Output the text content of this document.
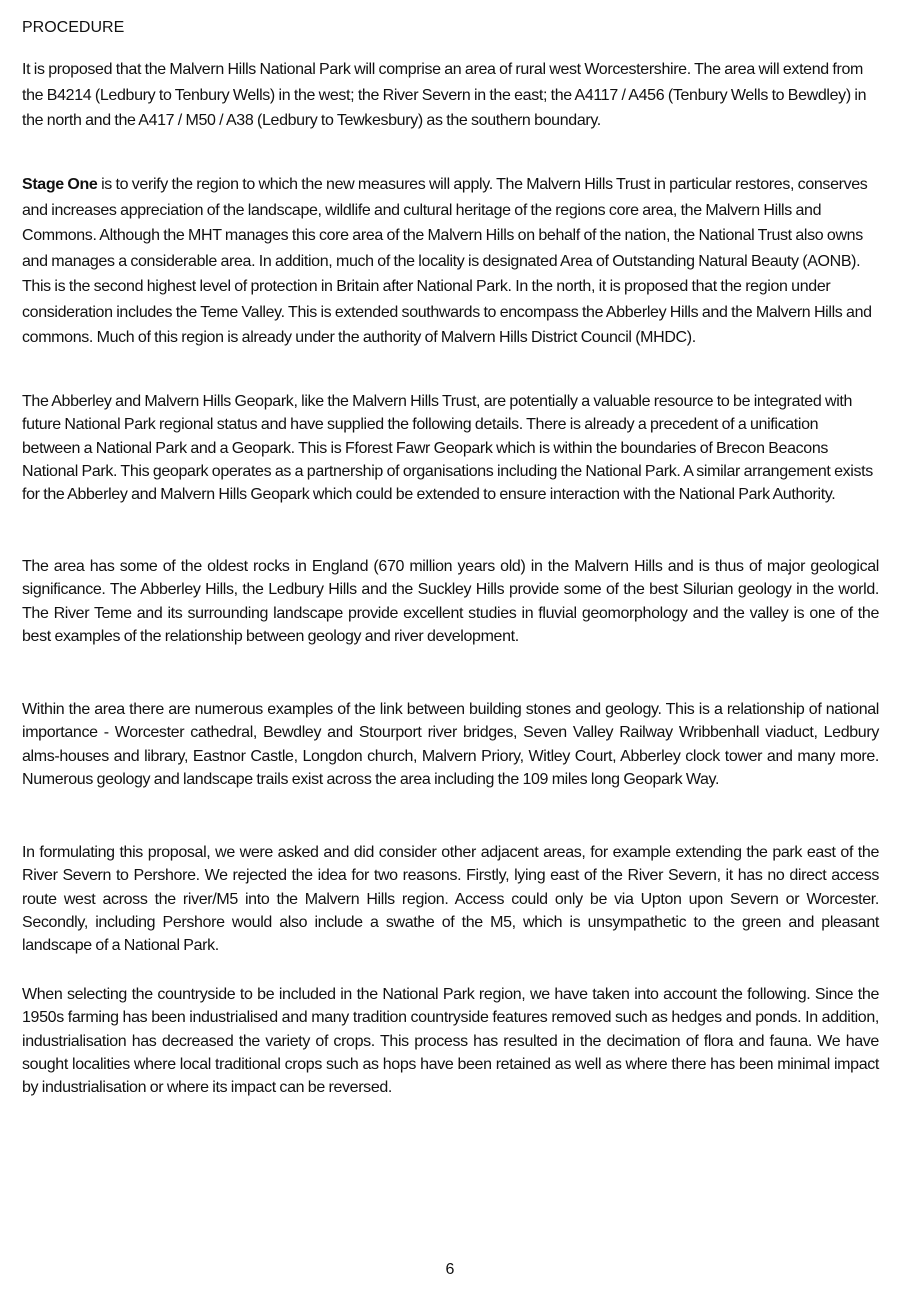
PROCEDURE

It is proposed that the Malvern Hills National Park will comprise an area of rural west Worcestershire. The area will extend from the B4214 (Ledbury to Tenbury Wells) in the west; the River Severn in the east; the A4117 / A456 (Tenbury Wells to Bewdley) in the north and the A417 / M50 / A38 (Ledbury to Tewkesbury) as the southern boundary.

Stage One is to verify the region to which the new measures will apply. The Malvern Hills Trust in particular restores, conserves and increases appreciation of the landscape, wildlife and cultural heritage of the regions core area, the Malvern Hills and Commons. Although the MHT manages this core area of the Malvern Hills on behalf of the nation, the National Trust also owns and manages a considerable area. In addition, much of the locality is designated Area of Outstanding Natural Beauty (AONB). This is the second highest level of protection in Britain after National Park. In the north, it is proposed that the region under consideration includes the Teme Valley. This is extended southwards to encompass the Abberley Hills and the Malvern Hills and commons. Much of this region is already under the authority of Malvern Hills District Council (MHDC).

The Abberley and Malvern Hills Geopark, like the Malvern Hills Trust, are potentially a valuable resource to be integrated with future National Park regional status and have supplied the following details. There is already a precedent of a unification between a National Park and a Geopark. This is Fforest Fawr Geopark which is within the boundaries of Brecon Beacons National Park. This geopark operates as a partnership of organisations including the National Park. A similar arrangement exists for the Abberley and Malvern Hills Geopark which could be extended to ensure interaction with the National Park Authority.

The area has some of the oldest rocks in England (670 million years old) in the Malvern Hills and is thus of major geological significance. The Abberley Hills, the Ledbury Hills and the Suckley Hills provide some of the best Silurian geology in the world. The River Teme and its surrounding landscape provide excellent studies in fluvial geomorphology and the valley is one of the best examples of the relationship between geology and river development.

Within the area there are numerous examples of the link between building stones and geology. This is a relationship of national importance - Worcester cathedral, Bewdley and Stourport river bridges, Seven Valley Railway Wribbenhall viaduct, Ledbury alms-houses and library, Eastnor Castle, Longdon church, Malvern Priory, Witley Court, Abberley clock tower and many more. Numerous geology and landscape trails exist across the area including the 109 miles long Geopark Way.

In formulating this proposal, we were asked and did consider other adjacent areas, for example extending the park east of the River Severn to Pershore. We rejected the idea for two reasons. Firstly, lying east of the River Severn, it has no direct access route west across the river/M5 into the Malvern Hills region. Access could only be via Upton upon Severn or Worcester. Secondly, including Pershore would also include a swathe of the M5, which is unsympathetic to the green and pleasant landscape of a National Park.

When selecting the countryside to be included in the National Park region, we have taken into account the following. Since the 1950s farming has been industrialised and many tradition countryside features removed such as hedges and ponds. In addition, industrialisation has decreased the variety of crops. This process has resulted in the decimation of flora and fauna. We have sought localities where local traditional crops such as hops have been retained as well as where there has been minimal impact by industrialisation or where its impact can be reversed.

6
